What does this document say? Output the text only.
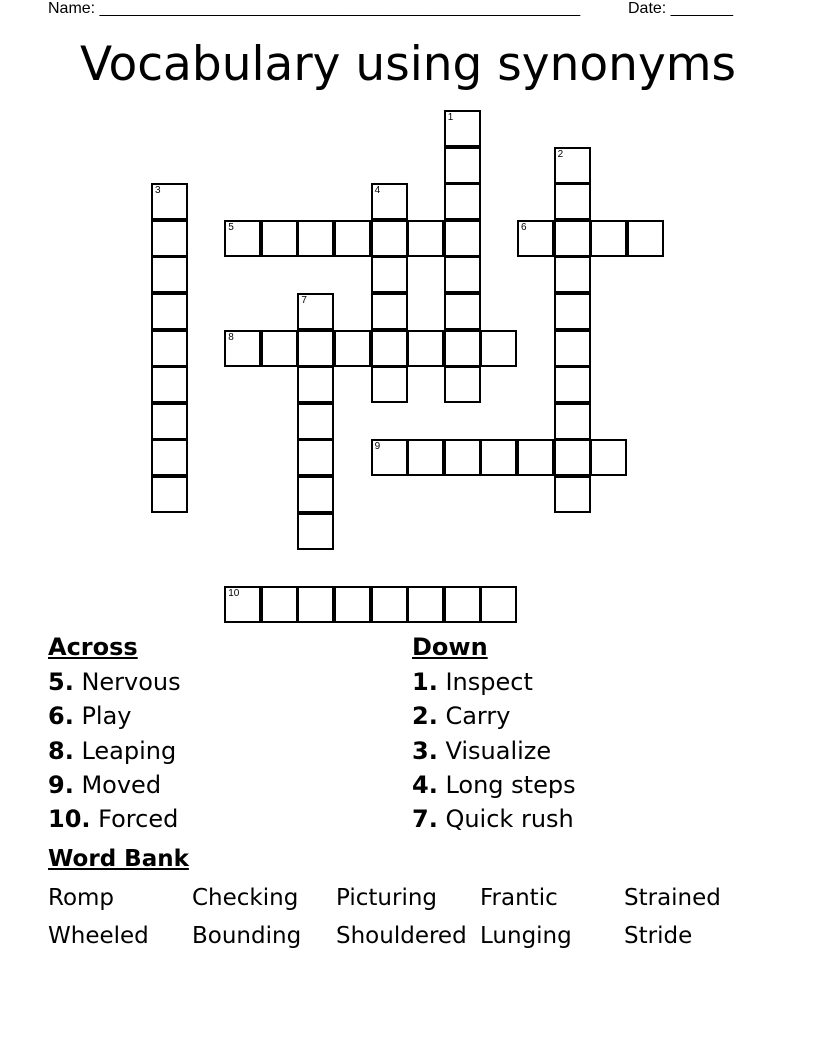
Name: ______________________________________________________	Date: _______
Vocabulary using synonyms
1
2
3	4
5	6
7
8
9
10
Across
5. Nervous
6. Play
8. Leaping
9. Moved
10. Forced
Down
1. Inspect
2. Carry
3. Visualize
4. Long steps
7. Quick rush
Word Bank
Romp	Checking Picturing Frantic	Strained
Wheeled Bounding Shouldered Lunging Stride
